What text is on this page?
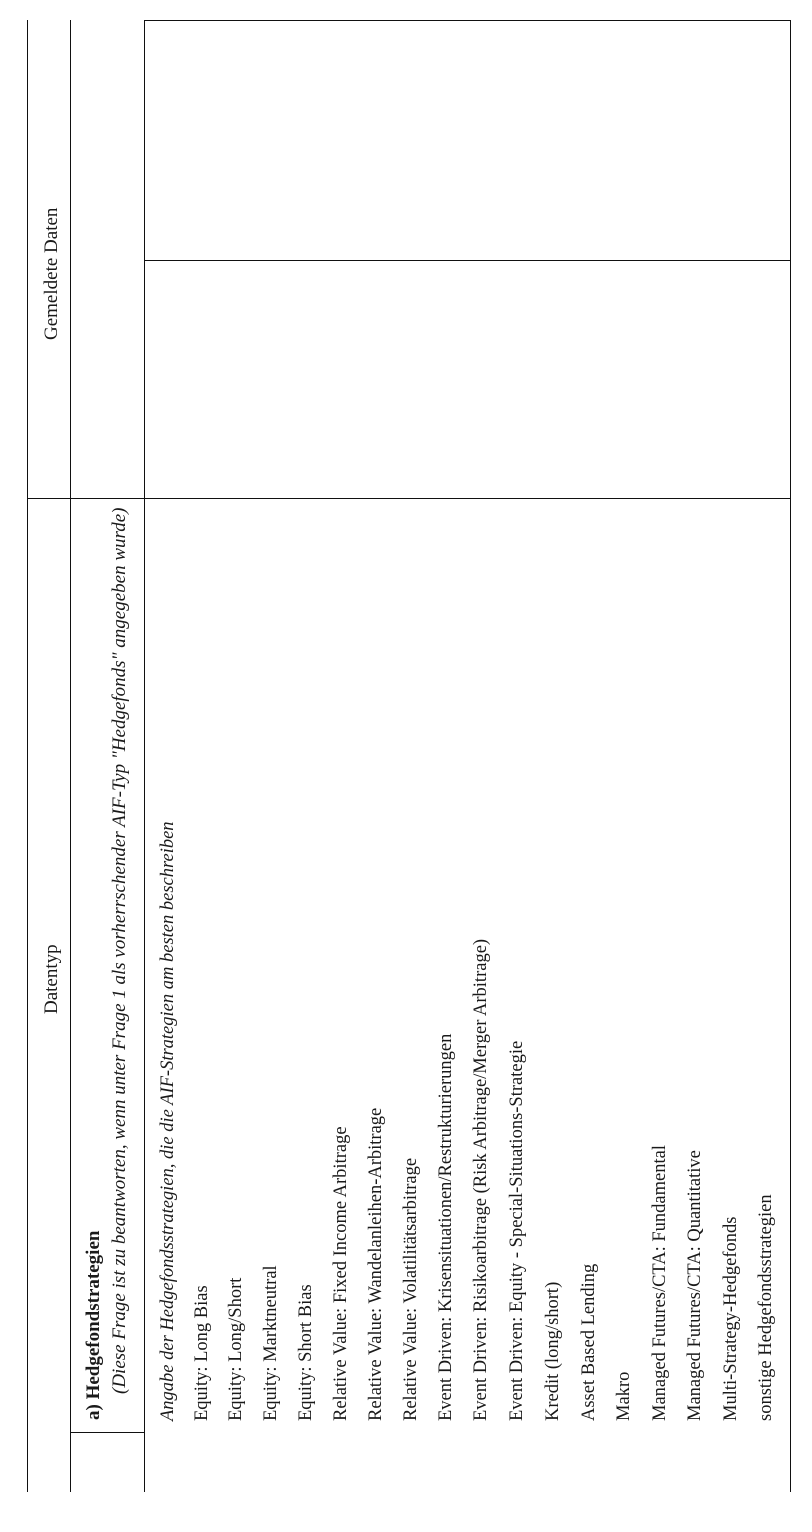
Datentyp
Gemeldete Daten
a) Hedgefondstrategien (Diese Frage ist zu beantworten, wenn unter Frage 1 als vorherrschender AIF-Typ "Hedgefonds" angegeben wurde) Angabe der Hedgefondsstrategien, die die AIF-Strategien am besten beschreiben Equity: Long Bias Equity: Long/Short Equity: Marktneutral Equity: Short Bias Relative Value: Fixed Income Arbitrage Relative Value: Wandelanleihen-Arbitrage Relative Value: Volatilitätsarbitrage Event Driven: Krisensituationen/Restrukturierungen Event Driven: Risikoarbitrage (Risk Arbitrage/Merger Arbitrage) Event Driven: Equity - Special-Situations-Strategie Kredit (long/short) Asset Based Lending Makro Managed Futures/CTA: Fundamental Managed Futures/CTA: Quantitative Multi-Strategy-Hedgefonds sonstige Hedgefondsstrategien
